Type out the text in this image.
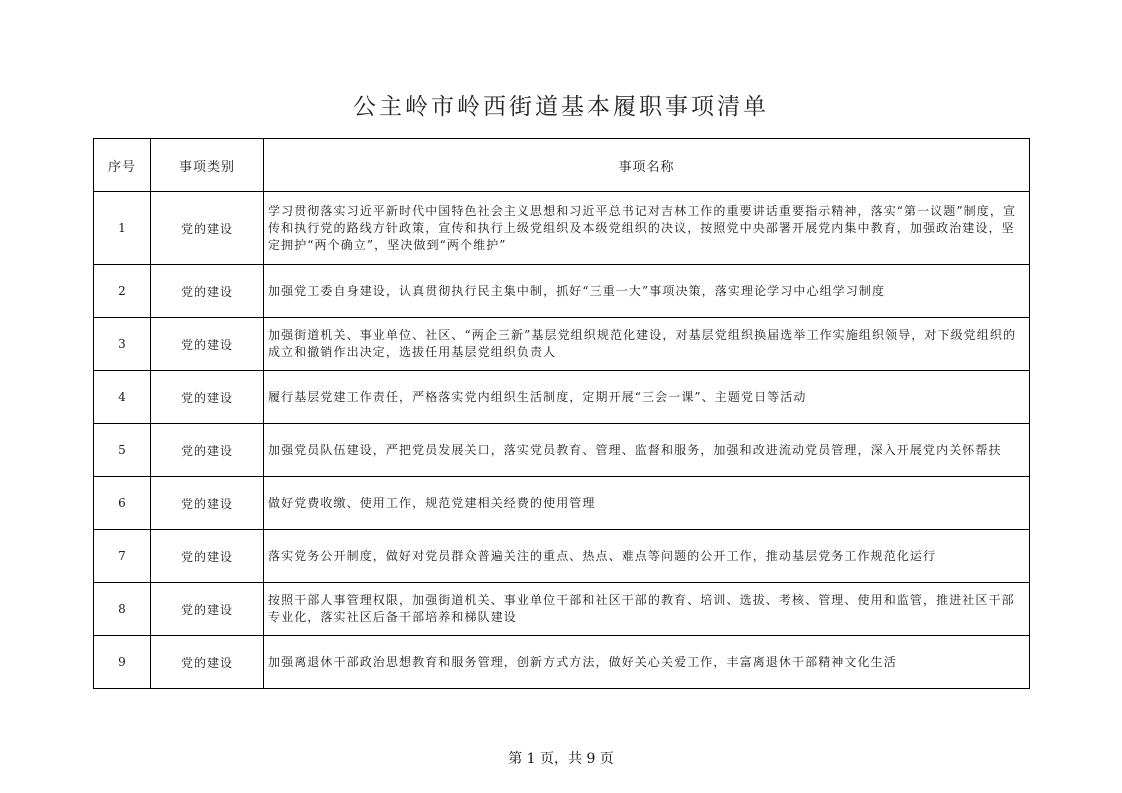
公主岭市岭西街道基本履职事项清单
序号	事项类别	事项名称
1	党的建设	学习贯彻落实习近平新时代中国特色社会主义思想和习近平总书记对吉林工作的重要讲话重要指示精神，落实“第一议题”制度，宣传和执行党的路线方针政策，宣传和执行上级党组织及本级党组织的决议，按照党中央部署开展党内集中教育，加强政治建设，坚定拥护“两个确立”，坚决做到“两个维护”
2	党的建设	加强党工委自身建设，认真贯彻执行民主集中制，抓好“三重一大”事项决策，落实理论学习中心组学习制度
3	党的建设	加强街道机关、事业单位、社区、“两企三新”基层党组织规范化建设，对基层党组织换届选举工作实施组织领导，对下级党组织的成立和撤销作出决定，选拔任用基层党组织负责人
4	党的建设	履行基层党建工作责任，严格落实党内组织生活制度，定期开展“三会一课”、主题党日等活动
5	党的建设	加强党员队伍建设，严把党员发展关口，落实党员教育、管理、监督和服务，加强和改进流动党员管理，深入开展党内关怀帮扶
6	党的建设	做好党费收缴、使用工作，规范党建相关经费的使用管理
7	党的建设	落实党务公开制度，做好对党员群众普遍关注的重点、热点、难点等问题的公开工作，推动基层党务工作规范化运行
8	党的建设	按照干部人事管理权限，加强街道机关、事业单位干部和社区干部的教育、培训、选拔、考核、管理、使用和监管，推进社区干部专业化，落实社区后备干部培养和梯队建设
9	党的建设	加强离退休干部政治思想教育和服务管理，创新方式方法，做好关心关爱工作，丰富离退休干部精神文化生活
第 1 页，共 9 页
